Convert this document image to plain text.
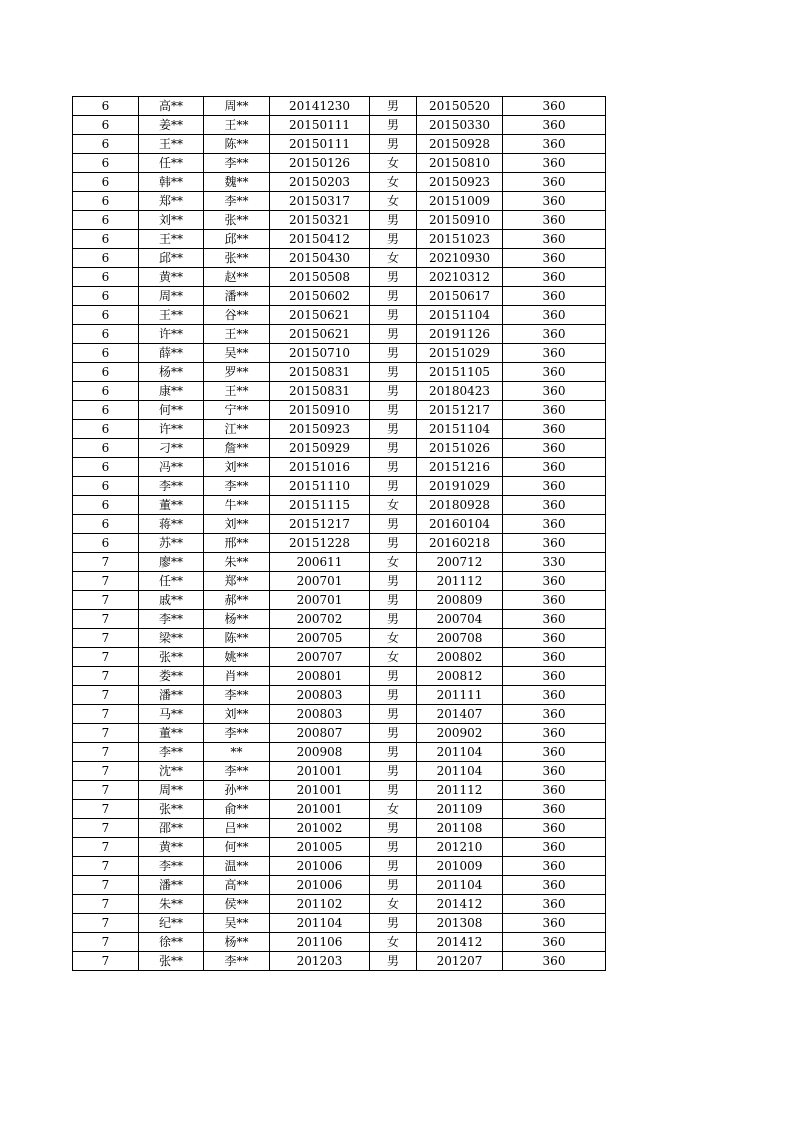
6	高**	周**	20141230	男	20150520	360
6	姜**	王**	20150111	男	20150330	360
6	王**	陈**	20150111	男	20150928	360
6	任**	李**	20150126	女	20150810	360
6	韩**	魏**	20150203	女	20150923	360
6	郑**	李**	20150317	女	20151009	360
6	刘**	张**	20150321	男	20150910	360
6	王**	邱**	20150412	男	20151023	360
6	邱**	张**	20150430	女	20210930	360
6	黄**	赵**	20150508	男	20210312	360
6	周**	潘**	20150602	男	20150617	360
6	王**	谷**	20150621	男	20151104	360
6	许**	王**	20150621	男	20191126	360
6	薛**	吴**	20150710	男	20151029	360
6	杨**	罗**	20150831	男	20151105	360
6	康**	王**	20150831	男	20180423	360
6	何**	宁**	20150910	男	20151217	360
6	许**	江**	20150923	男	20151104	360
6	刁**	詹**	20150929	男	20151026	360
6	冯**	刘**	20151016	男	20151216	360
6	李**	李**	20151110	男	20191029	360
6	董**	牛**	20151115	女	20180928	360
6	蒋**	刘**	20151217	男	20160104	360
6	苏**	邢**	20151228	男	20160218	360
7	廖**	朱**	200611	女	200712	330
7	任**	郑**	200701	男	201112	360
7	戚**	郝**	200701	男	200809	360
7	李**	杨**	200702	男	200704	360
7	梁**	陈**	200705	女	200708	360
7	张**	姚**	200707	女	200802	360
7	娄**	肖**	200801	男	200812	360
7	潘**	李**	200803	男	201111	360
7	马**	刘**	200803	男	201407	360
7	董**	李**	200807	男	200902	360
7	李**	**	200908	男	201104	360
7	沈**	李**	201001	男	201104	360
7	周**	孙**	201001	男	201112	360
7	张**	俞**	201001	女	201109	360
7	邵**	吕**	201002	男	201108	360
7	黄**	何**	201005	男	201210	360
7	李**	温**	201006	男	201009	360
7	潘**	高**	201006	男	201104	360
7	朱**	侯**	201102	女	201412	360
7	纪**	吴**	201104	男	201308	360
7	徐**	杨**	201106	女	201412	360
7	张**	李**	201203	男	201207	360
